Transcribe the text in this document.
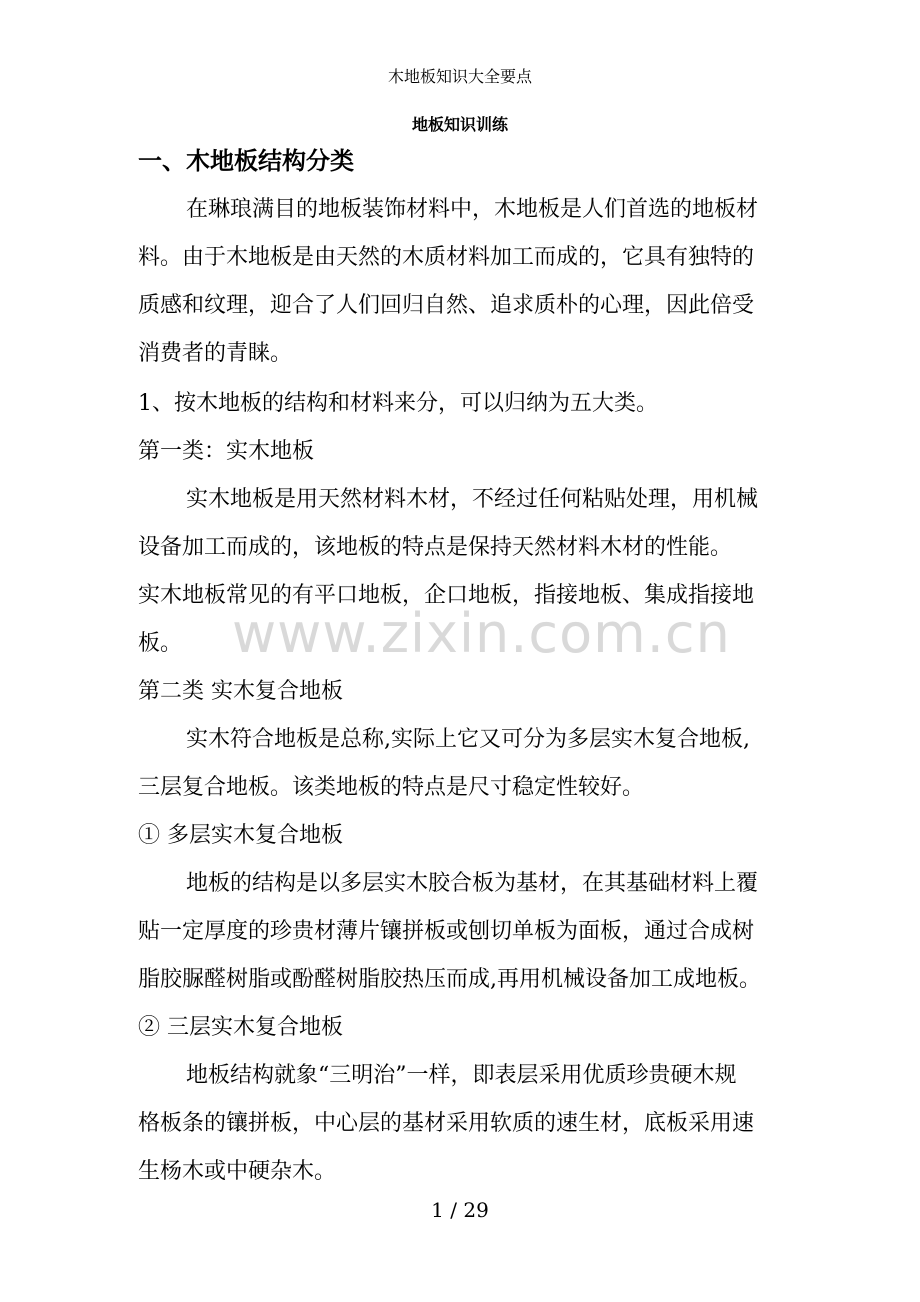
木地板知识大全要点
地板知识训练
一、木地板结构分类
在琳琅满目的地板装饰材料中，木地板是人们首选的地板材
料。由于木地板是由天然的木质材料加工而成的，它具有独特的
质感和纹理，迎合了人们回归自然、追求质朴的心理，因此倍受
消费者的青睐。
1、按木地板的结构和材料来分，可以归纳为五大类。
第一类：实木地板
实木地板是用天然材料木材，不经过任何粘贴处理，用机械
设备加工而成的，该地板的特点是保持天然材料木材的性能。
实木地板常见的有平口地板，企口地板，指接地板、集成指接地
板。
第二类 实木复合地板
实木符合地板是总称,实际上它又可分为多层实木复合地板,
三层复合地板。该类地板的特点是尺寸稳定性较好。
① 多层实木复合地板
地板的结构是以多层实木胶合板为基材，在其基础材料上覆
贴一定厚度的珍贵材薄片镶拼板或刨切单板为面板，通过合成树
脂胶脲醛树脂或酚醛树脂胶热压而成,再用机械设备加工成地板。
② 三层实木复合地板
地板结构就象“三明治”一样，即表层采用优质珍贵硬木规
格板条的镶拼板，中心层的基材采用软质的速生材，底板采用速
生杨木或中硬杂木。
www.zixin.com.cn
1 / 29
